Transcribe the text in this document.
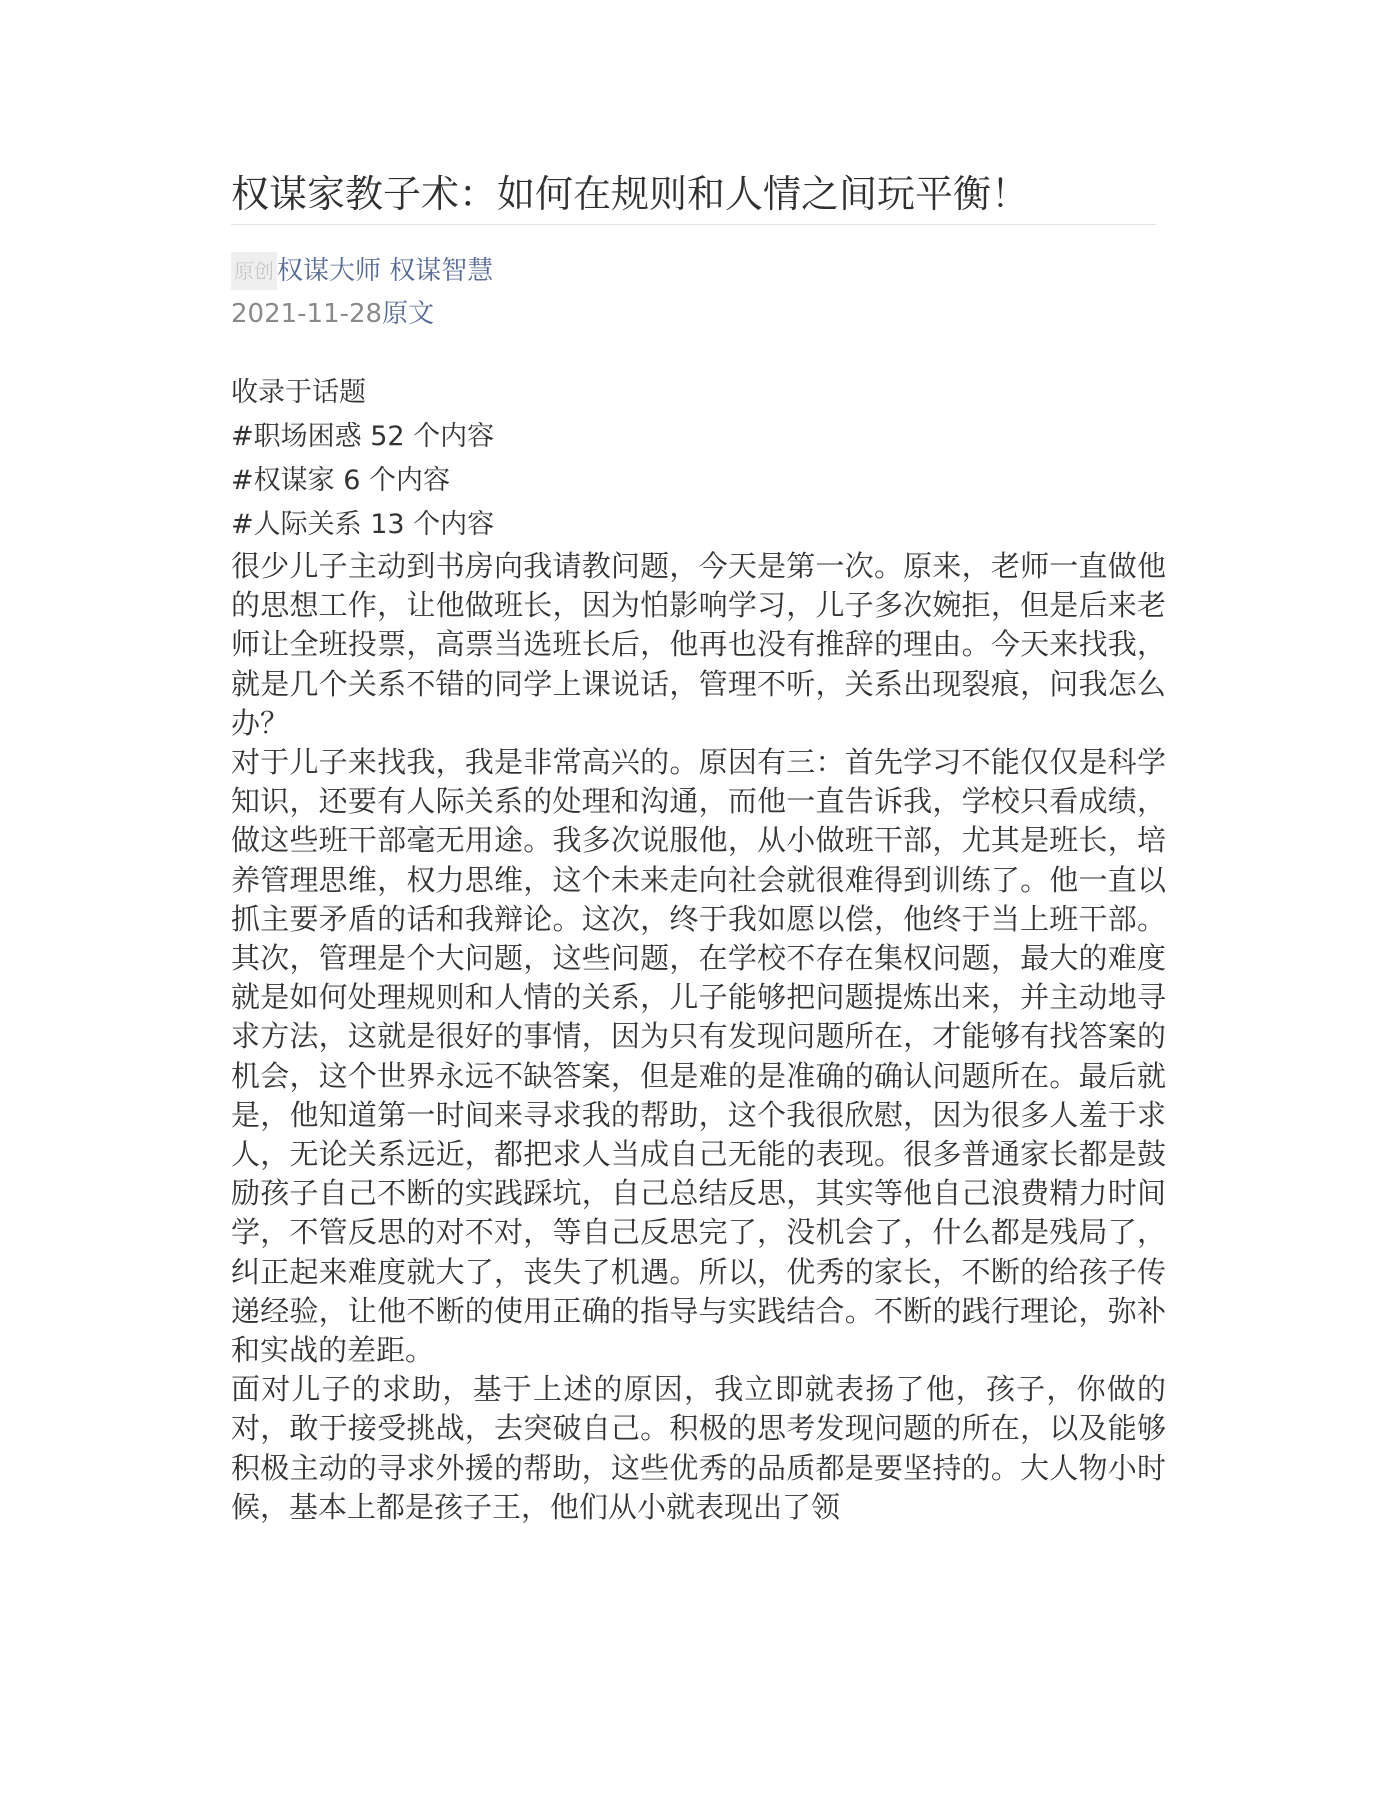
权谋家教子术：如何在规则和人情之间玩平衡！
原创 权谋大师 权谋智慧
2021-11-28原文
收录于话题
#职场困惑 52 个内容
#权谋家 6 个内容
#人际关系 13 个内容

很少儿子主动到书房向我请教问题，今天是第一次。原来，老师一直做他的思想工作，让他做班长，因为怕影响学习，儿子多次婉拒，但是后来老师让全班投票，高票当选班长后，他再也没有推辞的理由。今天来找我，就是几个关系不错的同学上课说话，管理不听，关系出现裂痕，问我怎么办？

对于儿子来找我，我是非常高兴的。原因有三：首先学习不能仅仅是科学知识，还要有人际关系的处理和沟通，而他一直告诉我，学校只看成绩，做这些班干部毫无用途。我多次说服他，从小做班干部，尤其是班长，培养管理思维，权力思维，这个未来走向社会就很难得到训练了。他一直以抓主要矛盾的话和我辩论。这次，终于我如愿以偿，他终于当上班干部。其次，管理是个大问题，这些问题，在学校不存在集权问题，最大的难度就是如何处理规则和人情的关系，儿子能够把问题提炼出来，并主动地寻求方法，这就是很好的事情，因为只有发现问题所在，才能够有找答案的机会，这个世界永远不缺答案，但是难的是准确的确认问题所在。最后就是，他知道第一时间来寻求我的帮助，这个我很欣慰，因为很多人羞于求人，无论关系远近，都把求人当成自己无能的表现。很多普通家长都是鼓励孩子自己不断的实践踩坑，自己总结反思，其实等他自己浪费精力时间学，不管反思的对不对，等自己反思完了，没机会了，什么都是残局了，纠正起来难度就大了，丧失了机遇。所以，优秀的家长，不断的给孩子传递经验，让他不断的使用正确的指导与实践结合。不断的践行理论，弥补和实战的差距。

面对儿子的求助，基于上述的原因，我立即就表扬了他，孩子，你做的对，敢于接受挑战，去突破自己。积极的思考发现问题的所在，以及能够积极主动的寻求外援的帮助，这些优秀的品质都是要坚持的。大人物小时候，基本上都是孩子王，他们从小就表现出了领
